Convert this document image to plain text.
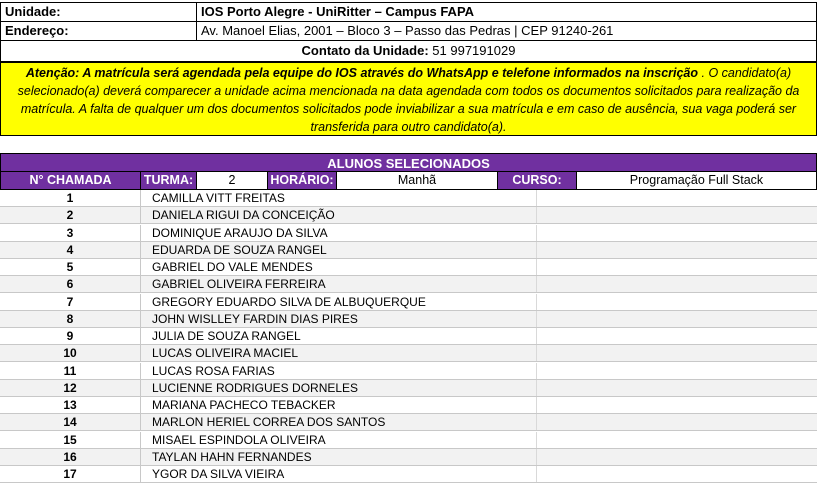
Unidade:	IOS Porto Alegre - UniRitter – Campus FAPA
Endereço:	Av. Manoel Elias, 2001 – Bloco 3 – Passo das Pedras | CEP 91240-261
Contato da Unidade: 51 997191029
Atenção: A matrícula será agendada pela equipe do IOS através do WhatsApp e telefone informados na inscrição . O candidato(a) selecionado(a) deverá comparecer a unidade acima mencionada na data agendada com todos os documentos solicitados para realização da matrícula. A falta de qualquer um dos documentos solicitados pode inviabilizar a sua matrícula e em caso de ausência, sua vaga poderá ser transferida para outro candidato(a).
ALUNOS SELECIONADOS
N° CHAMADA	TURMA:	2	HORÁRIO:	Manhã	CURSO:	Programação Full Stack
1	CAMILLA VITT FREITAS
2	DANIELA RIGUI DA CONCEIÇÃO
3	DOMINIQUE ARAUJO DA SILVA
4	EDUARDA DE SOUZA RANGEL
5	GABRIEL DO VALE MENDES
6	GABRIEL OLIVEIRA FERREIRA
7	GREGORY EDUARDO SILVA DE ALBUQUERQUE
8	JOHN WISLLEY FARDIN DIAS PIRES
9	JULIA DE SOUZA RANGEL
10	LUCAS OLIVEIRA MACIEL
11	LUCAS ROSA FARIAS
12	LUCIENNE RODRIGUES DORNELES
13	MARIANA PACHECO TEBACKER
14	MARLON HERIEL CORREA DOS SANTOS
15	MISAEL ESPINDOLA OLIVEIRA
16	TAYLAN HAHN FERNANDES
17	YGOR DA SILVA VIEIRA
